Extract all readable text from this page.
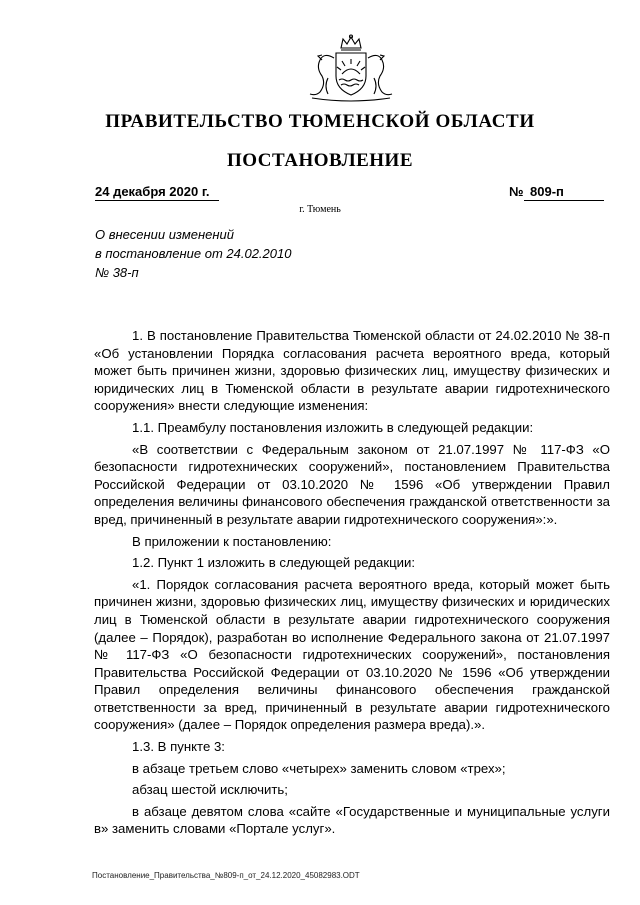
ПРАВИТЕЛЬСТВО ТЮМЕНСКОЙ ОБЛАСТИ
ПОСТАНОВЛЕНИЕ
24 декабря 2020 г.	№ 809-п
г. Тюмень
О внесении изменений
в постановление от 24.02.2010
№ 38-п

1. В постановление Правительства Тюменской области от 24.02.2010 № 38-п «Об установлении Порядка согласования расчета вероятного вреда, который может быть причинен жизни, здоровью физических лиц, имуществу физических и юридических лиц в Тюменской области в результате аварии гидротехнического сооружения» внести следующие изменения:

1.1. Преамбулу постановления изложить в следующей редакции:

«В соответствии с Федеральным законом от 21.07.1997 № 117-ФЗ «О безопасности гидротехнических сооружений», постановлением Правительства Российской Федерации от 03.10.2020 № 1596 «Об утверждении Правил определения величины финансового обеспечения гражданской ответственности за вред, причиненный в результате аварии гидротехнического сооружения»:».

В приложении к постановлению:

1.2. Пункт 1 изложить в следующей редакции:

«1. Порядок согласования расчета вероятного вреда, который может быть причинен жизни, здоровью физических лиц, имуществу физических и юридических лиц в Тюменской области в результате аварии гидротехнического сооружения (далее – Порядок), разработан во исполнение Федерального закона от 21.07.1997 № 117-ФЗ «О безопасности гидротехнических сооружений», постановления Правительства Российской Федерации от 03.10.2020 № 1596 «Об утверждении Правил определения величины финансового обеспечения гражданской ответственности за вред, причиненный в результате аварии гидротехнического сооружения» (далее – Порядок определения размера вреда).».

1.3. В пункте 3:

в абзаце третьем слово «четырех» заменить словом «трех»;

абзац шестой исключить;

в абзаце девятом слова «сайте «Государственные и муниципальные услуги в» заменить словами «Портале услуг».

Постановление_Правительства_№809-п_от_24.12.2020_45082983.ODT
